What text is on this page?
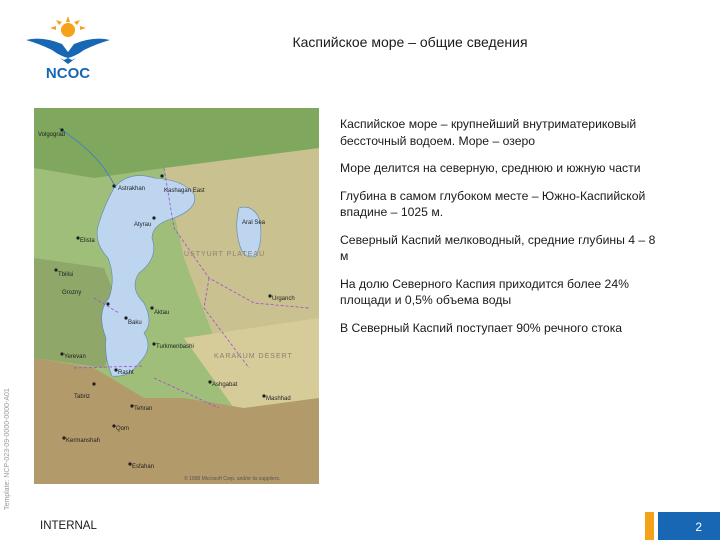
NCOC
Каспийское море – общие сведения
USTYURT PLATEAU
KARAKUM DESERT
Volgograd
Astrakhan	Kashagan East
Atyrau	Aral Sea
Elista
Grozny
Tbilisi
Aktau
Baku
Yerevan
Turkmenbashi
Tabriz
Rasht
Tehran
Mashhad
Ashgabat
Urganch
Qom
Kermanshah
Esfahan
© 1998 Microsoft Corp. and/or its suppliers.
Каспийское море – крупнейший внутриматериковый бессточный водоем. Море – озеро
Море делится на северную, среднюю и южную части
Глубина в самом глубоком месте – Южно-Каспийской впадине – 1025 м.
Северный Каспий мелководный, средние глубины 4 – 8 м
На долю Северного Каспия приходится более 24% площади и 0,5% объема воды
В Северный Каспий поступает 90% речного стока
Template: NCP-023-09-0000-0000-A01
INTERNAL	2
